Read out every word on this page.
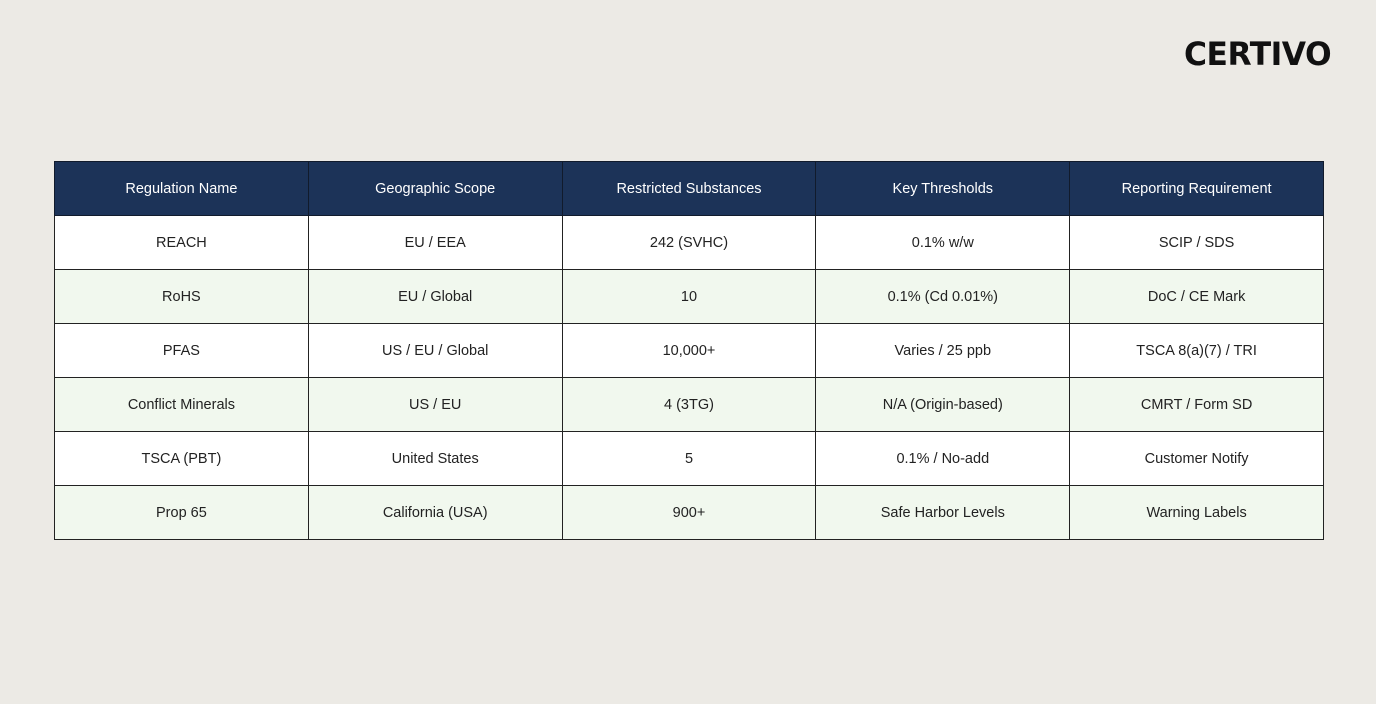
CERTIVO
Regulation Name	Geographic Scope	Restricted Substances	Key Thresholds	Reporting Requirement
REACH	EU / EEA	242 (SVHC)	0.1% w/w	SCIP / SDS
RoHS	EU / Global	10	0.1% (Cd 0.01%)	DoC / CE Mark
PFAS	US / EU / Global	10,000+	Varies / 25 ppb	TSCA 8(a)(7) / TRI
Conflict Minerals	US / EU	4 (3TG)	N/A (Origin-based)	CMRT / Form SD
TSCA (PBT)	United States	5	0.1% / No-add	Customer Notify
Prop 65	California (USA)	900+	Safe Harbor Levels	Warning Labels
